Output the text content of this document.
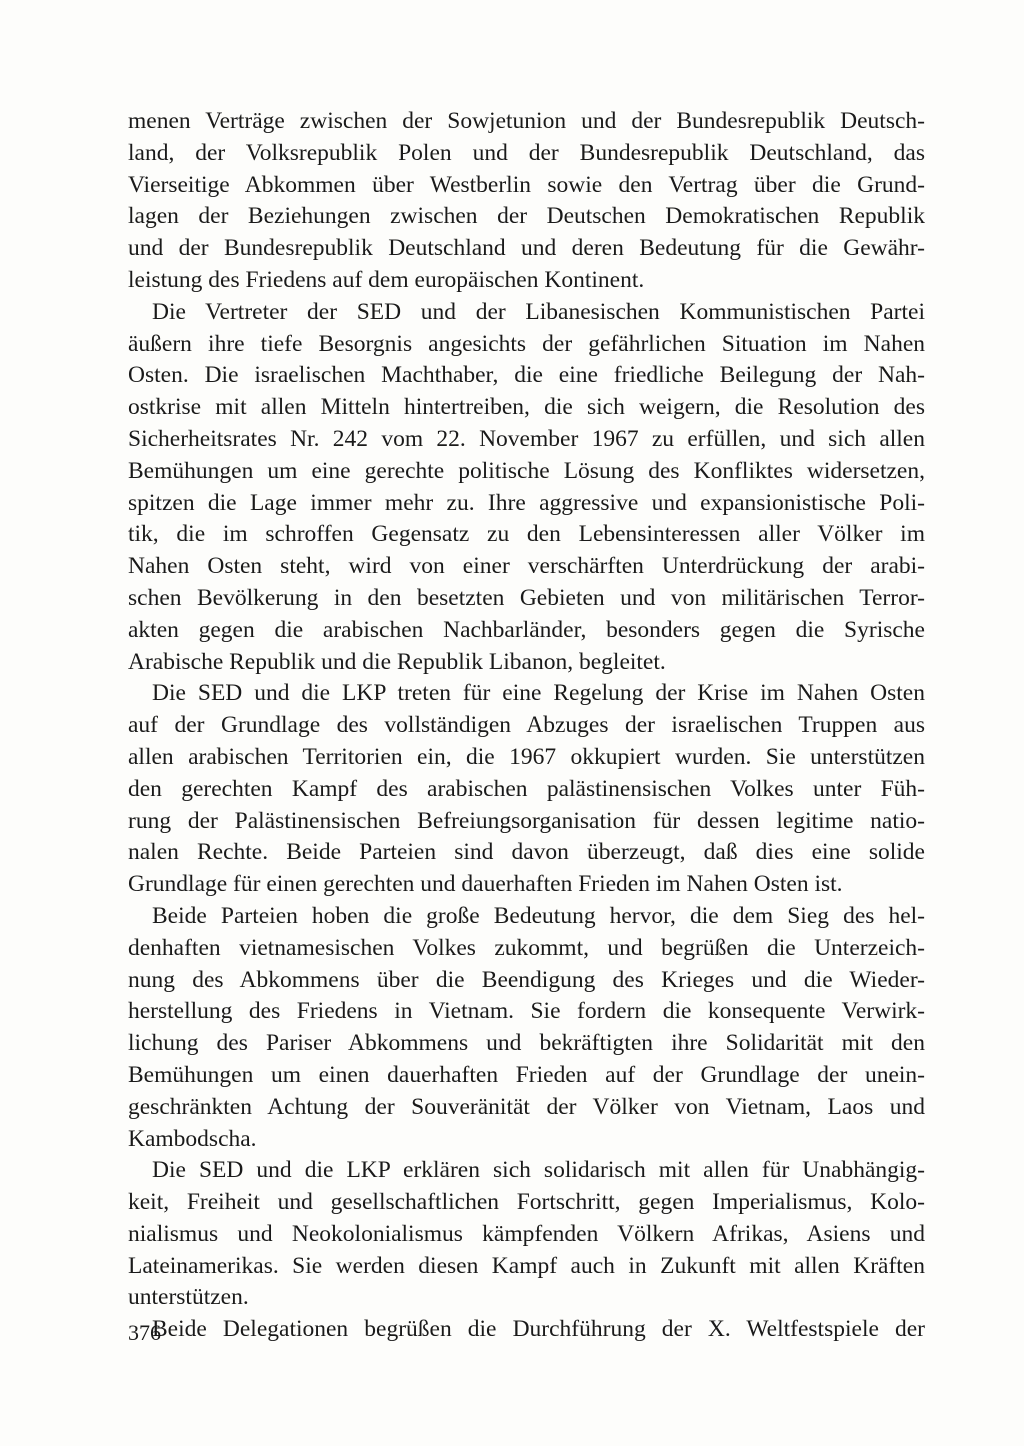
menen Verträge zwischen der Sowjetunion und der Bundesrepublik Deutsch-
land, der Volksrepublik Polen und der Bundesrepublik Deutschland, das
Vierseitige Abkommen über Westberlin sowie den Vertrag über die Grund-
lagen der Beziehungen zwischen der Deutschen Demokratischen Republik
und der Bundesrepublik Deutschland und deren Bedeutung für die Gewähr-
leistung des Friedens auf dem europäischen Kontinent.
Die Vertreter der SED und der Libanesischen Kommunistischen Partei
äußern ihre tiefe Besorgnis angesichts der gefährlichen Situation im Nahen
Osten. Die israelischen Machthaber, die eine friedliche Beilegung der Nah-
ostkrise mit allen Mitteln hintertreiben, die sich weigern, die Resolution des
Sicherheitsrates Nr. 242 vom 22. November 1967 zu erfüllen, und sich allen
Bemühungen um eine gerechte politische Lösung des Konfliktes widersetzen,
spitzen die Lage immer mehr zu. Ihre aggressive und expansionistische Poli-
tik, die im schroffen Gegensatz zu den Lebensinteressen aller Völker im
Nahen Osten steht, wird von einer verschärften Unterdrückung der arabi-
schen Bevölkerung in den besetzten Gebieten und von militärischen Terror-
akten gegen die arabischen Nachbarländer, besonders gegen die Syrische
Arabische Republik und die Republik Libanon, begleitet.
Die SED und die LKP treten für eine Regelung der Krise im Nahen Osten
auf der Grundlage des vollständigen Abzuges der israelischen Truppen aus
allen arabischen Territorien ein, die 1967 okkupiert wurden. Sie unterstützen
den gerechten Kampf des arabischen palästinensischen Volkes unter Füh-
rung der Palästinensischen Befreiungsorganisation für dessen legitime natio-
nalen Rechte. Beide Parteien sind davon überzeugt, daß dies eine solide
Grundlage für einen gerechten und dauerhaften Frieden im Nahen Osten ist.
Beide Parteien hoben die große Bedeutung hervor, die dem Sieg des hel-
denhaften vietnamesischen Volkes zukommt, und begrüßen die Unterzeich-
nung des Abkommens über die Beendigung des Krieges und die Wieder-
herstellung des Friedens in Vietnam. Sie fordern die konsequente Verwirk-
lichung des Pariser Abkommens und bekräftigten ihre Solidarität mit den
Bemühungen um einen dauerhaften Frieden auf der Grundlage der unein-
geschränkten Achtung der Souveränität der Völker von Vietnam, Laos und
Kambodscha.
Die SED und die LKP erklären sich solidarisch mit allen für Unabhängig-
keit, Freiheit und gesellschaftlichen Fortschritt, gegen Imperialismus, Kolo-
nialismus und Neokolonialismus kämpfenden Völkern Afrikas, Asiens und
Lateinamerikas. Sie werden diesen Kampf auch in Zukunft mit allen Kräften
unterstützen.
Beide Delegationen begrüßen die Durchführung der X. Weltfestspiele der
376
